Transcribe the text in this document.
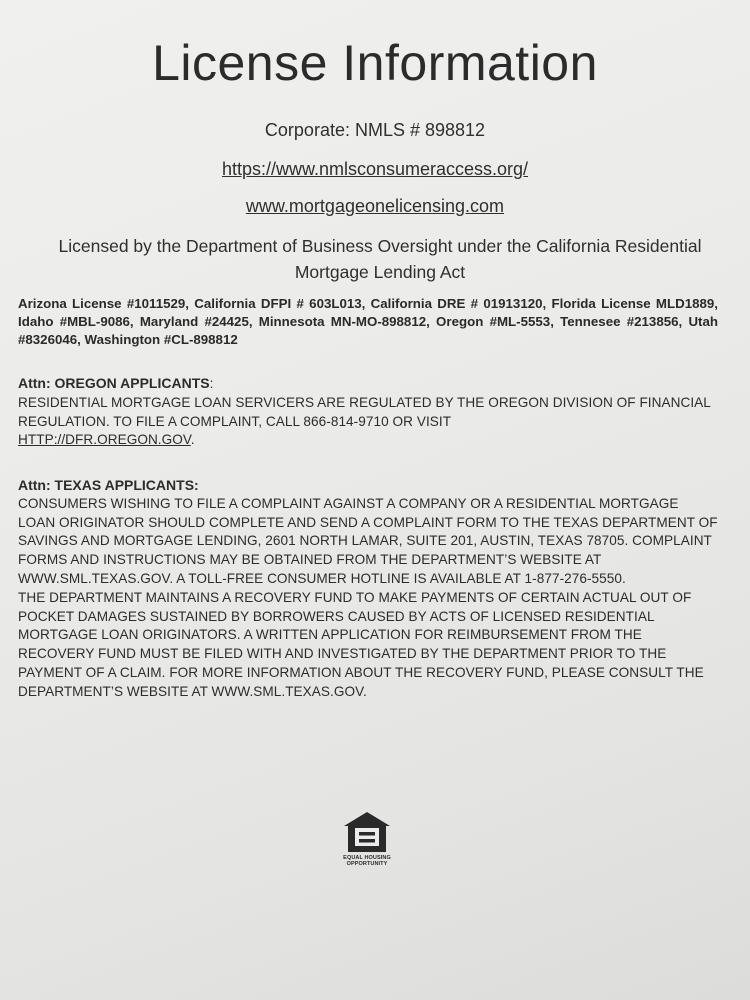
License Information
Corporate: NMLS # 898812
https://www.nmlsconsumeraccess.org/
www.mortgageonelicensing.com
Licensed by the Department of Business Oversight under the California Residential Mortgage Lending Act
Arizona License #1011529, California DFPI # 603L013, California DRE # 01913120, Florida License MLD1889, Idaho #MBL-9086, Maryland #24425, Minnesota MN-MO-898812, Oregon #ML-5553, Tennesee #213856, Utah #8326046, Washington #CL-898812
Attn: OREGON APPLICANTS:
RESIDENTIAL MORTGAGE LOAN SERVICERS ARE REGULATED BY THE OREGON DIVISION OF FINANCIAL REGULATION. TO FILE A COMPLAINT, CALL 866-814-9710 OR VISIT
HTTP://DFR.OREGON.GOV.
Attn: TEXAS APPLICANTS:
CONSUMERS WISHING TO FILE A COMPLAINT AGAINST A COMPANY OR A RESIDENTIAL MORTGAGE LOAN ORIGINATOR SHOULD COMPLETE AND SEND A COMPLAINT FORM TO THE TEXAS DEPARTMENT OF SAVINGS AND MORTGAGE LENDING, 2601 NORTH LAMAR, SUITE 201, AUSTIN, TEXAS 78705. COMPLAINT FORMS AND INSTRUCTIONS MAY BE OBTAINED FROM THE DEPARTMENT’S WEBSITE AT WWW.SML.TEXAS.GOV. A TOLL-FREE CONSUMER HOTLINE IS AVAILABLE AT 1-877-276-5550.
THE DEPARTMENT MAINTAINS A RECOVERY FUND TO MAKE PAYMENTS OF CERTAIN ACTUAL OUT OF POCKET DAMAGES SUSTAINED BY BORROWERS CAUSED BY ACTS OF LICENSED RESIDENTIAL MORTGAGE LOAN ORIGINATORS. A WRITTEN APPLICATION FOR REIMBURSEMENT FROM THE RECOVERY FUND MUST BE FILED WITH AND INVESTIGATED BY THE DEPARTMENT PRIOR TO THE PAYMENT OF A CLAIM. FOR MORE INFORMATION ABOUT THE RECOVERY FUND, PLEASE CONSULT THE DEPARTMENT’S WEBSITE AT WWW.SML.TEXAS.GOV.
EQUAL HOUSING
OPPORTUNITY
